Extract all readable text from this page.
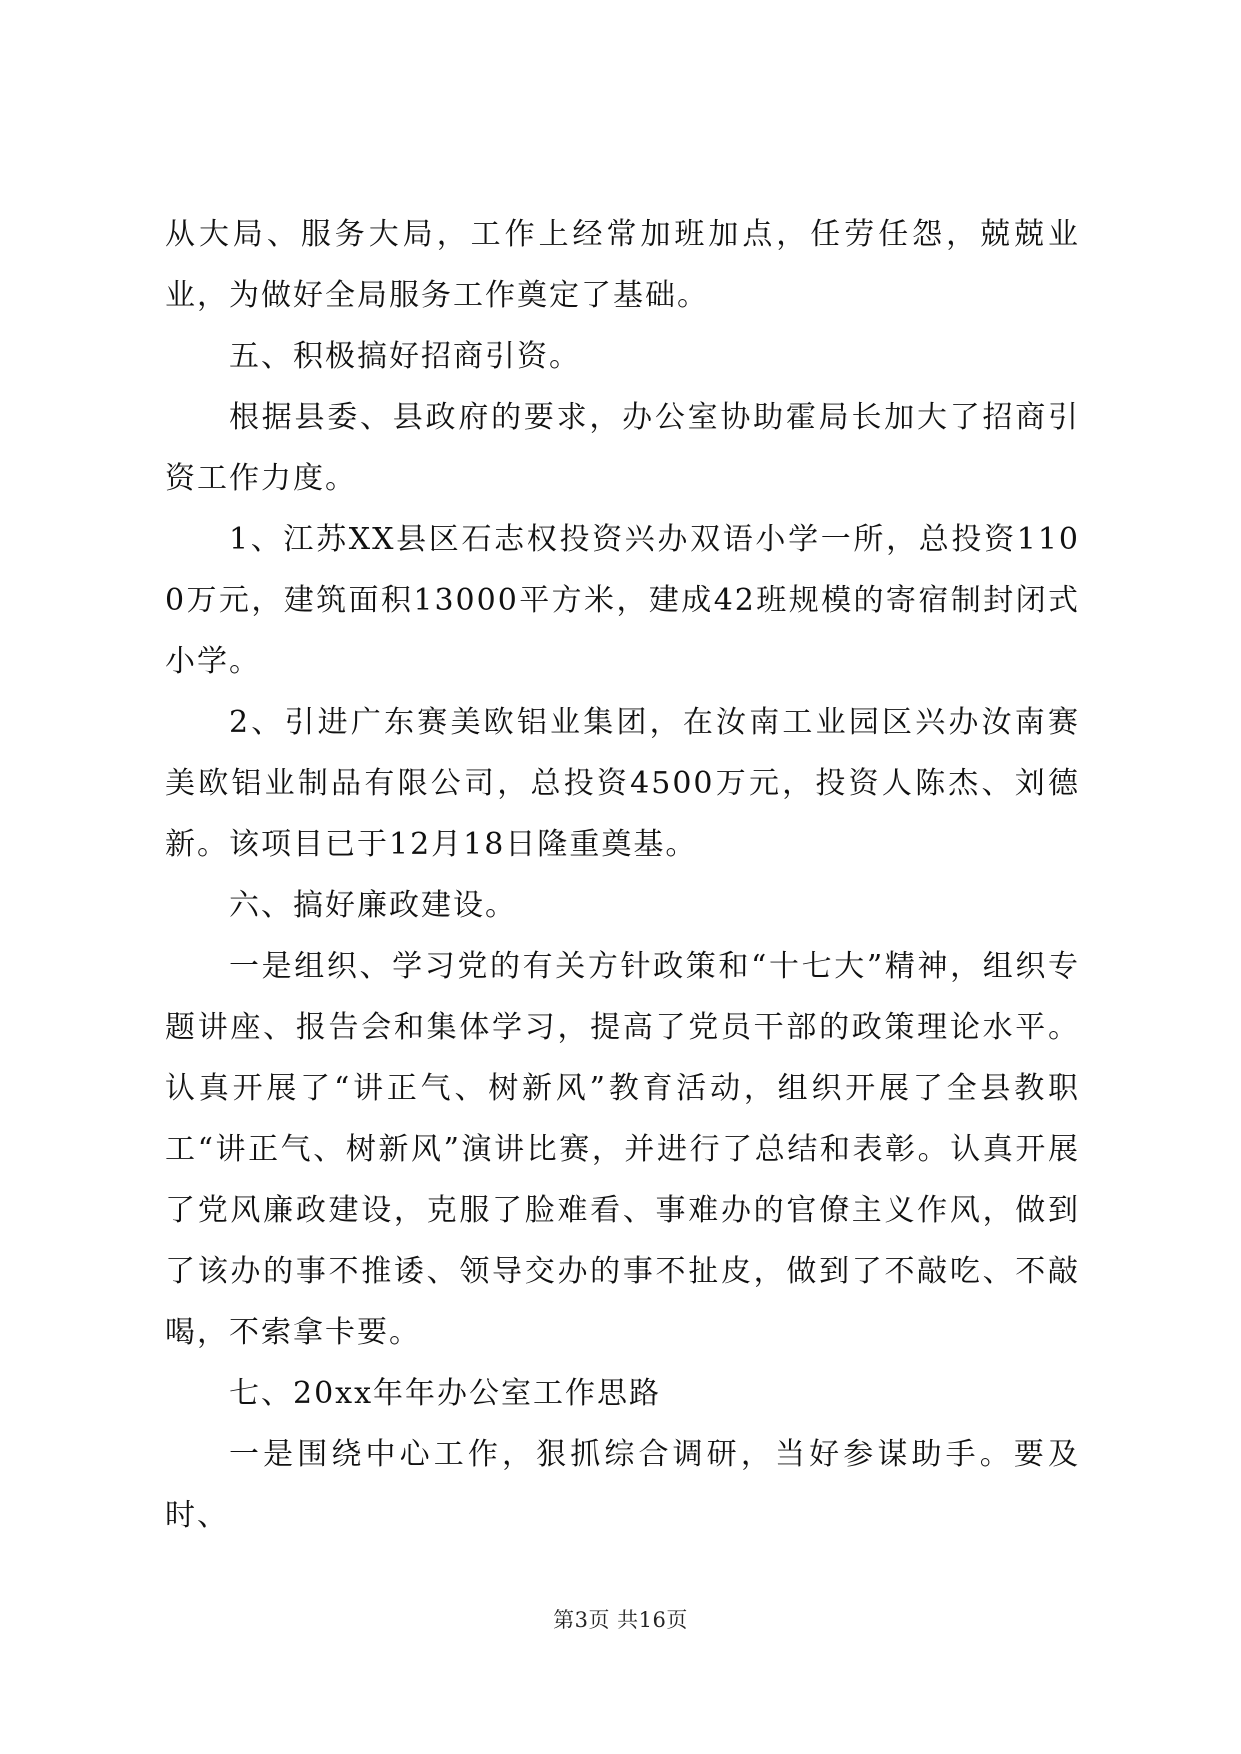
从大局、服务大局，工作上经常加班加点，任劳任怨，兢兢业业，为做好全局服务工作奠定了基础。

五、积极搞好招商引资。

根据县委、县政府的要求，办公室协助霍局长加大了招商引资工作力度。

1、江苏XX县区石志权投资兴办双语小学一所，总投资1100万元，建筑面积13000平方米，建成42班规模的寄宿制封闭式小学。

2、引进广东赛美欧铝业集团，在汝南工业园区兴办汝南赛美欧铝业制品有限公司，总投资4500万元，投资人陈杰、刘德新。该项目已于12月18日隆重奠基。

六、搞好廉政建设。

一是组织、学习党的有关方针政策和“十七大”精神，组织专题讲座、报告会和集体学习，提高了党员干部的政策理论水平。认真开展了“讲正气、树新风”教育活动，组织开展了全县教职工“讲正气、树新风”演讲比赛，并进行了总结和表彰。认真开展了党风廉政建设，克服了脸难看、事难办的官僚主义作风，做到了该办的事不推诿、领导交办的事不扯皮，做到了不敲吃、不敲喝，不索拿卡要。

七、20xx年年办公室工作思路

一是围绕中心工作，狠抓综合调研，当好参谋助手。要及时、

第3页 共16页
